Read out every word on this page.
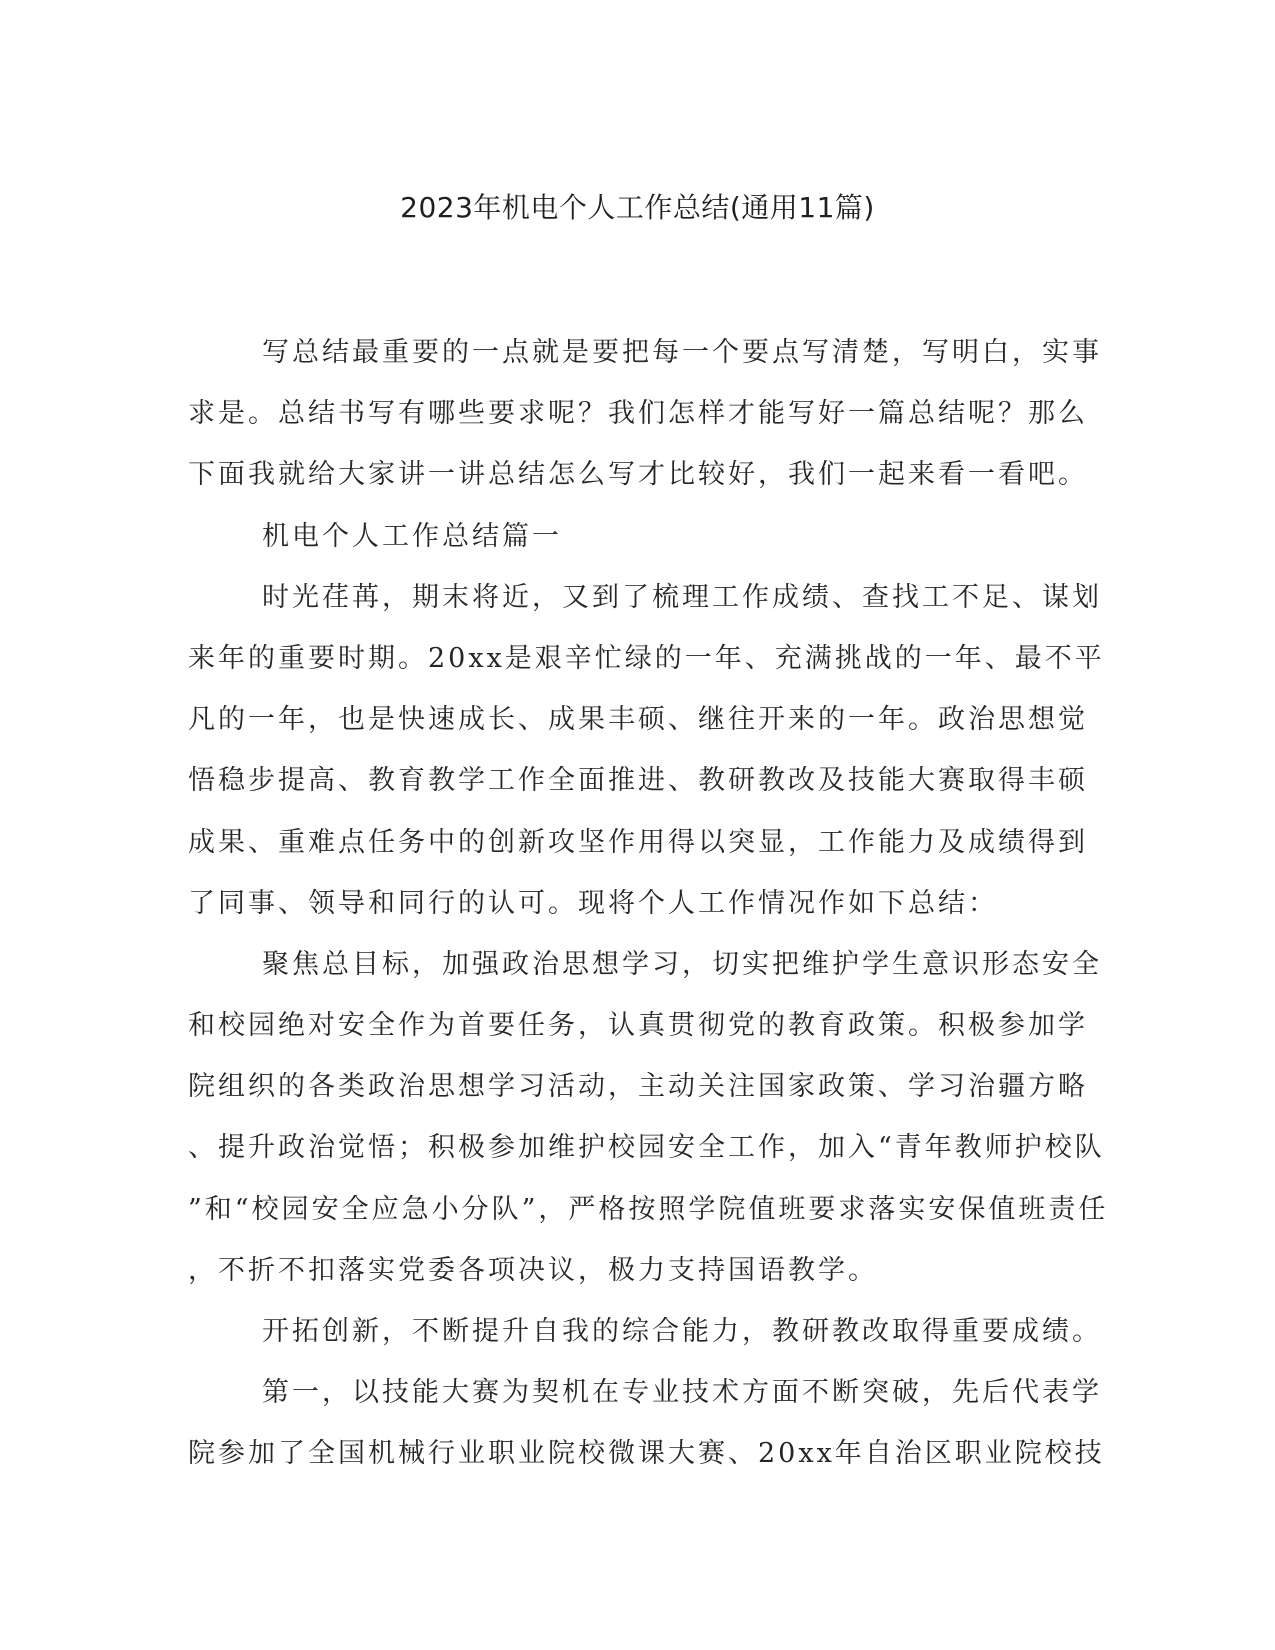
2023年机电个人工作总结(通用11篇)
写总结最重要的一点就是要把每一个要点写清楚，写明白，实事
求是。总结书写有哪些要求呢？我们怎样才能写好一篇总结呢？那么
下面我就给大家讲一讲总结怎么写才比较好，我们一起来看一看吧。
机电个人工作总结篇一
时光荏苒，期末将近，又到了梳理工作成绩、查找工不足、谋划
来年的重要时期。20xx是艰辛忙绿的一年、充满挑战的一年、最不平
凡的一年，也是快速成长、成果丰硕、继往开来的一年。政治思想觉
悟稳步提高、教育教学工作全面推进、教研教改及技能大赛取得丰硕
成果、重难点任务中的创新攻坚作用得以突显，工作能力及成绩得到
了同事、领导和同行的认可。现将个人工作情况作如下总结：
聚焦总目标，加强政治思想学习，切实把维护学生意识形态安全
和校园绝对安全作为首要任务，认真贯彻党的教育政策。积极参加学
院组织的各类政治思想学习活动，主动关注国家政策、学习治疆方略
、提升政治觉悟；积极参加维护校园安全工作，加入“青年教师护校队
”和“校园安全应急小分队”，严格按照学院值班要求落实安保值班责任
，不折不扣落实党委各项决议，极力支持国语教学。
开拓创新，不断提升自我的综合能力，教研教改取得重要成绩。
第一，以技能大赛为契机在专业技术方面不断突破，先后代表学
院参加了全国机械行业职业院校微课大赛、20xx年自治区职业院校技
